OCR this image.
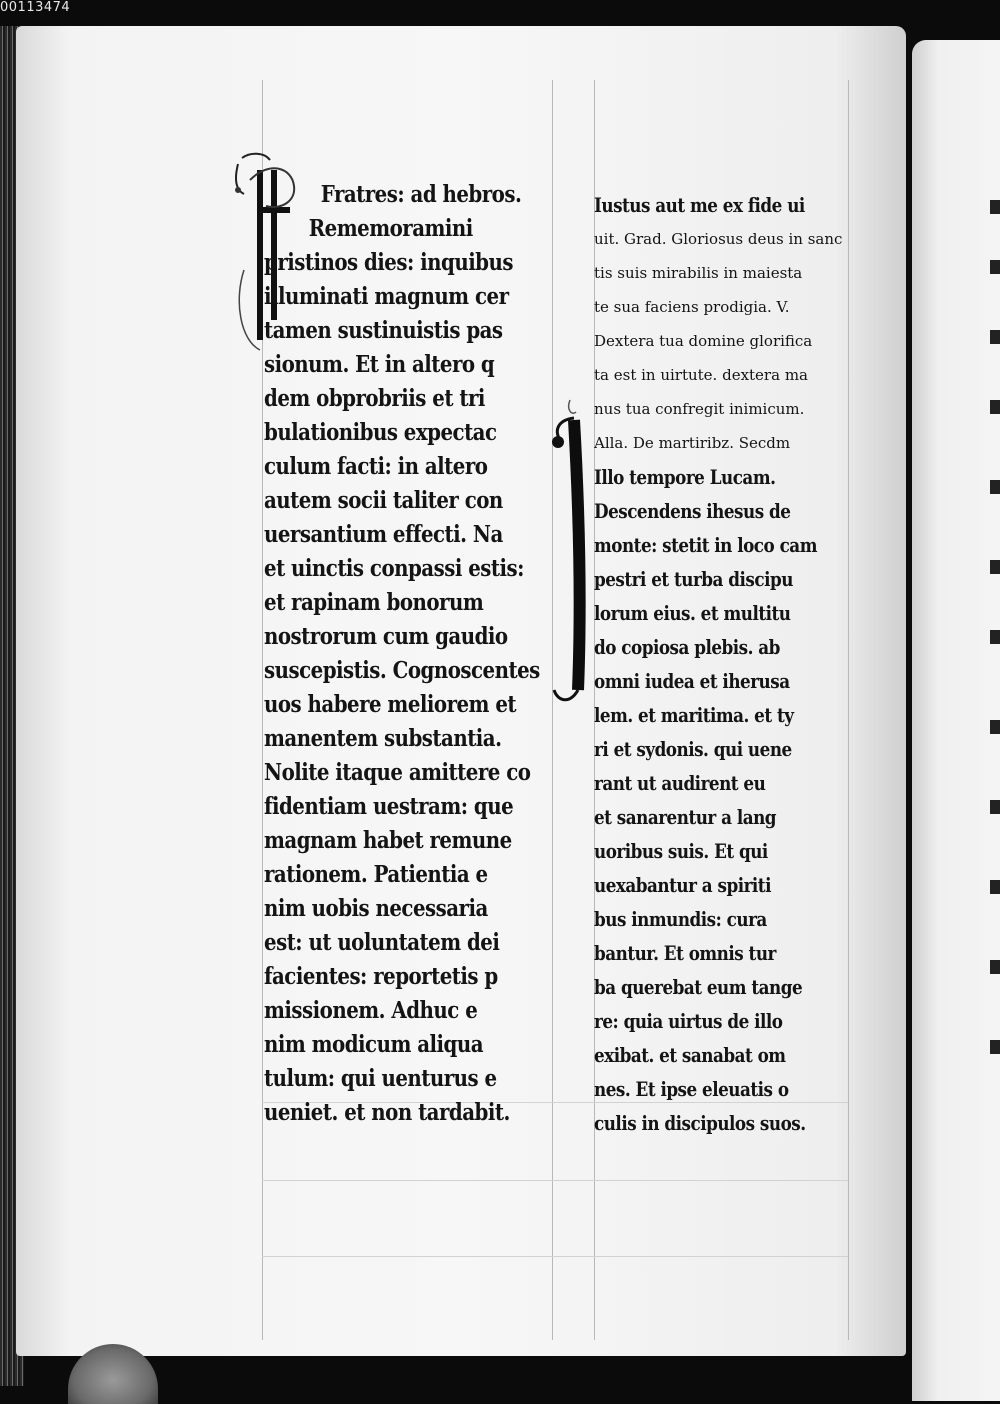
00113474
Fratres: ad hebros.
Rememoramini
pristinos dies: inquibus
illuminati magnum cer
tamen sustinuistis pas
sionum. Et in altero q
dem obprobriis et tri
bulationibus expectac
culum facti: in altero
autem socii taliter con
uersantium effecti. Na
et uinctis conpassi estis:
et rapinam bonorum
nostrorum cum gaudio
suscepistis. Cognoscentes
uos habere meliorem et
manentem substantia.
Nolite itaque amittere co
fidentiam uestram: que
magnam habet remune
rationem. Patientia e
nim uobis necessaria
est: ut uoluntatem dei
facientes: reportetis p
missionem. Adhuc e
nim modicum aliqua
tulum: qui uenturus e
ueniet. et non tardabit.
Iustus aut me ex fide ui
uit. Grad. Gloriosus deus in sanc
tis suis mirabilis in maiesta
te sua faciens prodigia. V.
Dextera tua domine glorifica
ta est in uirtute. dextera ma
nus tua confregit inimicum.
Alla. De martiribz. Secdm
Illo tempore Lucam.
Descendens ihesus de
monte: stetit in loco cam
pestri et turba discipu
lorum eius. et multitu
do copiosa plebis. ab
omni iudea et iherusa
lem. et maritima. et ty
ri et sydonis. qui uene
rant ut audirent eu
et sanarentur a lang
uoribus suis. Et qui
uexabantur a spiriti
bus inmundis: cura
bantur. Et omnis tur
ba querebat eum tange
re: quia uirtus de illo
exibat. et sanabat om
nes. Et ipse eleuatis o
culis in discipulos suos.
